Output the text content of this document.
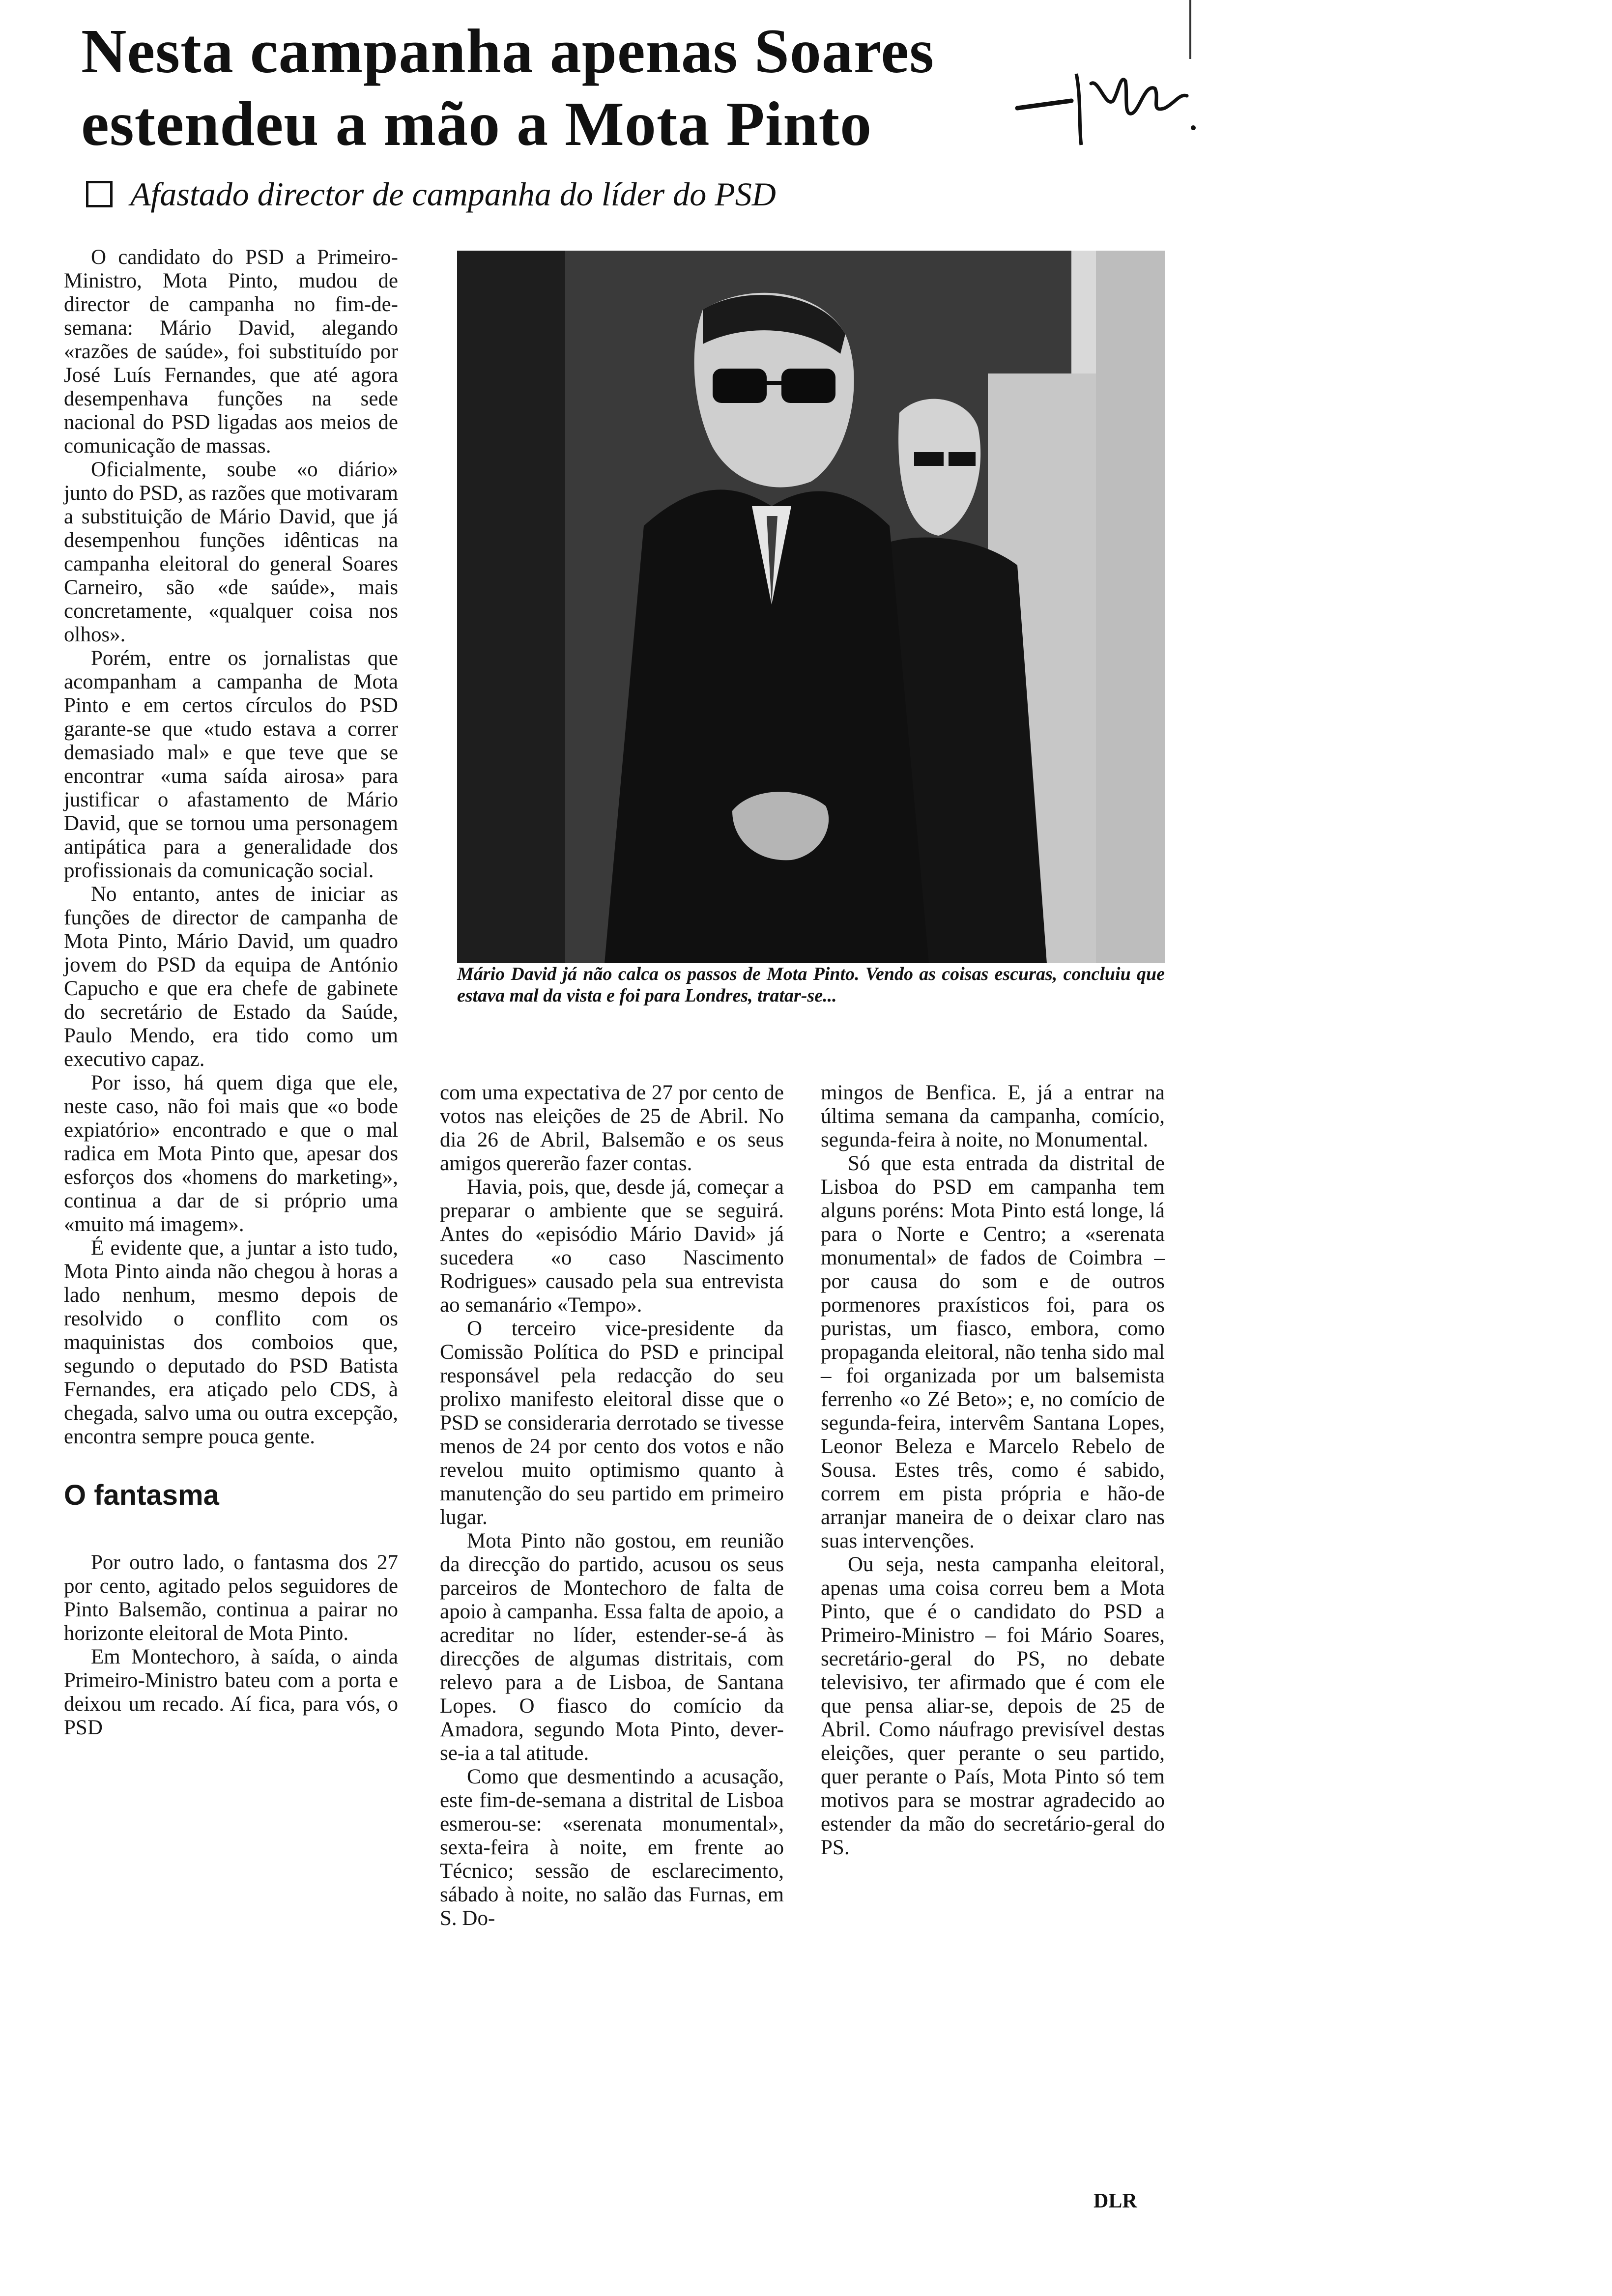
Nesta campanha apenas Soares estendeu a mão a Mota Pinto
Afastado director de campanha do líder do PSD

O candidato do PSD a Primeiro-Ministro, Mota Pinto, mudou de director de campanha no fim-de-semana: Mário David, alegando «razões de saúde», foi substituído por José Luís Fernandes, que até agora desempenhava funções na sede nacional do PSD ligadas aos meios de comunicação de massas.

Oficialmente, soube «o diário» junto do PSD, as razões que motivaram a substituição de Mário David, que já desempenhou funções idênticas na campanha eleitoral do general Soares Carneiro, são «de saúde», mais concretamente, «qualquer coisa nos olhos».

Porém, entre os jornalistas que acompanham a campanha de Mota Pinto e em certos círculos do PSD garante-se que «tudo estava a correr demasiado mal» e que teve que se encontrar «uma saída airosa» para justificar o afastamento de Mário David, que se tornou uma personagem antipática para a generalidade dos profissionais da comunicação social.

No entanto, antes de iniciar as funções de director de campanha de Mota Pinto, Mário David, um quadro jovem do PSD da equipa de António Capucho e que era chefe de gabinete do secretário de Estado da Saúde, Paulo Mendo, era tido como um executivo capaz.

Por isso, há quem diga que ele, neste caso, não foi mais que «o bode expiatório» encontrado e que o mal radica em Mota Pinto que, apesar dos esforços dos «homens do marketing», continua a dar de si próprio uma «muito má imagem».

É evidente que, a juntar a isto tudo, Mota Pinto ainda não chegou à horas a lado nenhum, mesmo depois de resolvido o conflito com os maquinistas dos comboios que, segundo o deputado do PSD Batista Fernandes, era atiçado pelo CDS, à chegada, salvo uma ou outra excepção, encontra sempre pouca gente.

O fantasma

Por outro lado, o fantasma dos 27 por cento, agitado pelos seguidores de Pinto Balsemão, continua a pairar no horizonte eleitoral de Mota Pinto.

Em Montechoro, à saída, o ainda Primeiro-Ministro bateu com a porta e deixou um recado. Aí fica, para vós, o PSD

Mário David já não calca os passos de Mota Pinto. Vendo as coisas escuras, concluiu que estava mal da vista e foi para Londres, tratar-se...

com uma expectativa de 27 por cento de votos nas eleições de 25 de Abril. No dia 26 de Abril, Balsemão e os seus amigos quererão fazer contas.

Havia, pois, que, desde já, começar a preparar o ambiente que se seguirá. Antes do «episódio Mário David» já sucedera «o caso Nascimento Rodrigues» causado pela sua entrevista ao semanário «Tempo».

O terceiro vice-presidente da Comissão Política do PSD e principal responsável pela redacção do seu prolixo manifesto eleitoral disse que o PSD se consideraria derrotado se tivesse menos de 24 por cento dos votos e não revelou muito optimismo quanto à manutenção do seu partido em primeiro lugar.

Mota Pinto não gostou, em reunião da direcção do partido, acusou os seus parceiros de Montechoro de falta de apoio à campanha. Essa falta de apoio, a acreditar no líder, estender-se-á às direcções de algumas distritais, com relevo para a de Lisboa, de Santana Lopes. O fiasco do comício da Amadora, segundo Mota Pinto, dever-se-ia a tal atitude.

Como que desmentindo a acusação, este fim-de-semana a distrital de Lisboa esmerou-se: «serenata monumental», sexta-feira à noite, em frente ao Técnico; sessão de esclarecimento, sábado à noite, no salão das Furnas, em S. Do-

mingos de Benfica. E, já a entrar na última semana da campanha, comício, segunda-feira à noite, no Monumental.

Só que esta entrada da distrital de Lisboa do PSD em campanha tem alguns poréns: Mota Pinto está longe, lá para o Norte e Centro; a «serenata monumental» de fados de Coimbra – por causa do som e de outros pormenores praxísticos foi, para os puristas, um fiasco, embora, como propaganda eleitoral, não tenha sido mal – foi organizada por um balsemista ferrenho «o Zé Beto»; e, no comício de segunda-feira, intervêm Santana Lopes, Leonor Beleza e Marcelo Rebelo de Sousa. Estes três, como é sabido, correm em pista própria e hão-de arranjar maneira de o deixar claro nas suas intervenções.

Ou seja, nesta campanha eleitoral, apenas uma coisa correu bem a Mota Pinto, que é o candidato do PSD a Primeiro-Ministro – foi Mário Soares, secretário-geral do PS, no debate televisivo, ter afirmado que é com ele que pensa aliar-se, depois de 25 de Abril. Como náufrago previsível destas eleições, quer perante o seu partido, quer perante o País, Mota Pinto só tem motivos para se mostrar agradecido ao estender da mão do secretário-geral do PS.

DLR
